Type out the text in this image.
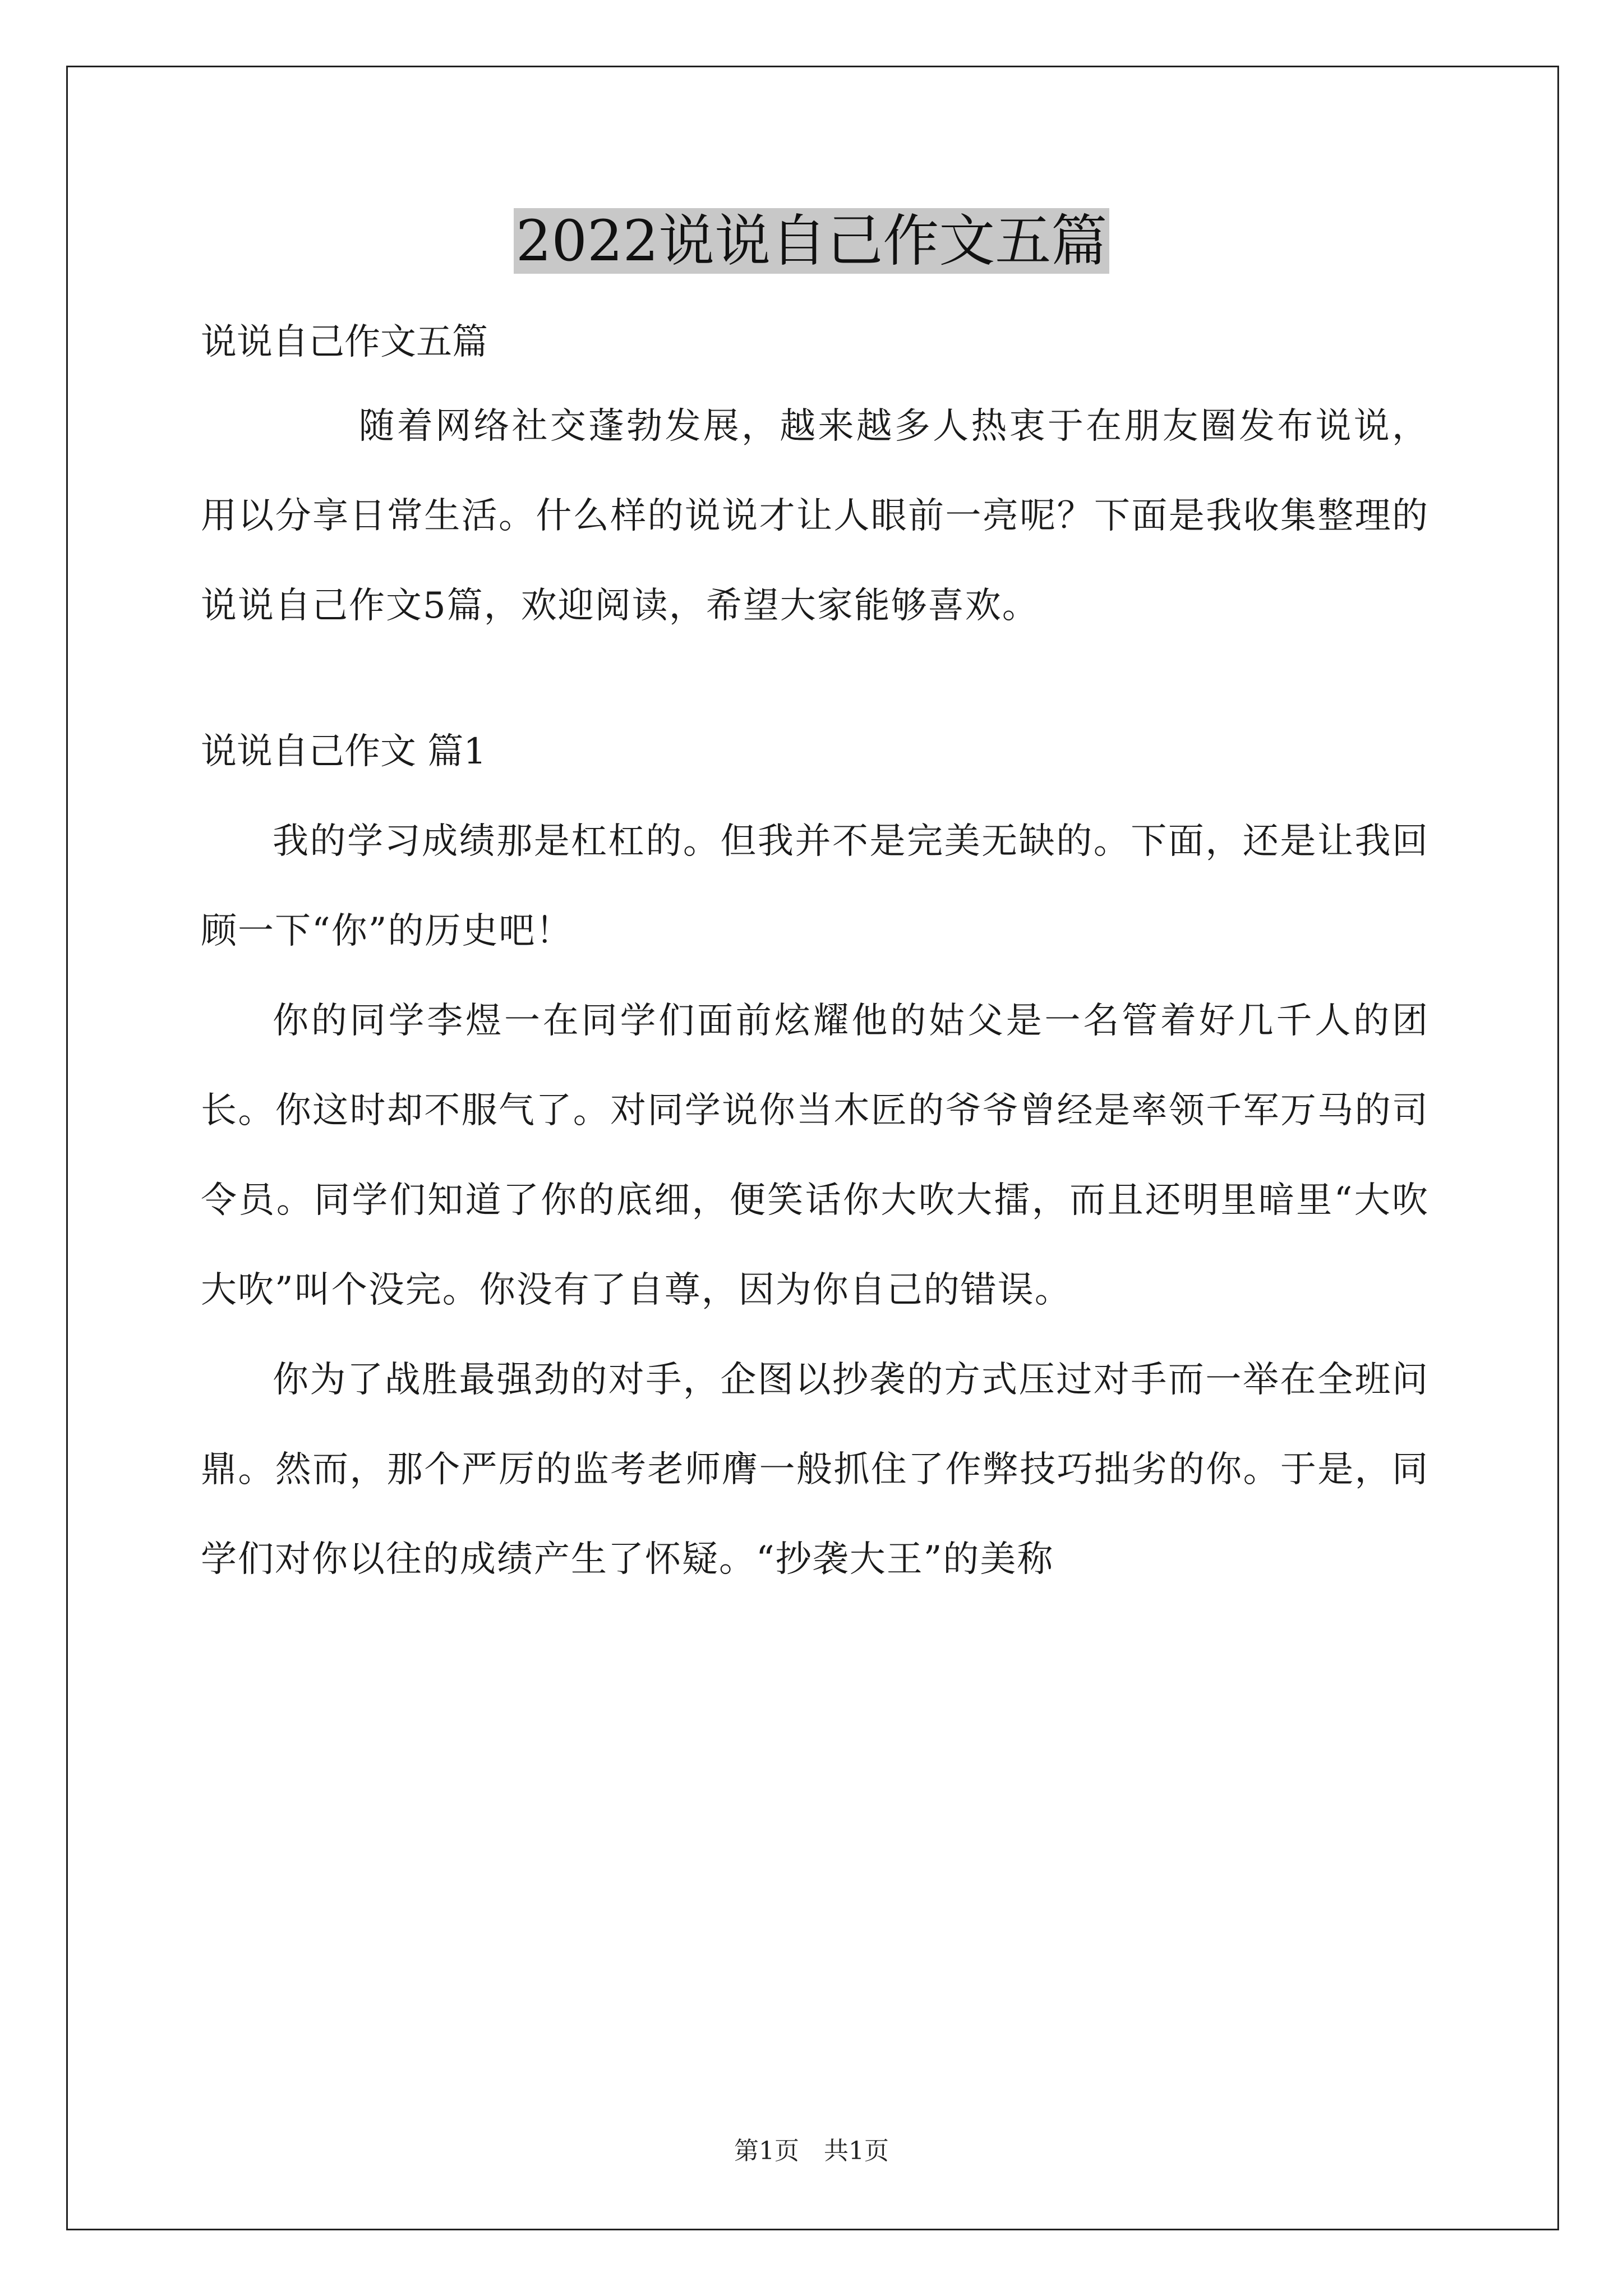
2022说说自己作文五篇
说说自己作文五篇

随着网络社交蓬勃发展，越来越多人热衷于在朋友圈发布说说，用以分享日常生活。什么样的说说才让人眼前一亮呢？下面是我收集整理的说说自己作文5篇，欢迎阅读，希望大家能够喜欢。

说说自己作文 篇1

我的学习成绩那是杠杠的。但我并不是完美无缺的。下面，还是让我回顾一下“你”的历史吧！

你的同学李煜一在同学们面前炫耀他的姑父是一名管着好几千人的团长。你这时却不服气了。对同学说你当木匠的爷爷曾经是率领千军万马的司令员。同学们知道了你的底细，便笑话你大吹大擂，而且还明里暗里“大吹大吹”叫个没完。你没有了自尊，因为你自己的错误。

你为了战胜最强劲的对手，企图以抄袭的方式压过对手而一举在全班问鼎。然而，那个严厉的监考老师膺一般抓住了作弊技巧拙劣的你。于是，同学们对你以往的成绩产生了怀疑。“抄袭大王”的美称

第1页　共1页
